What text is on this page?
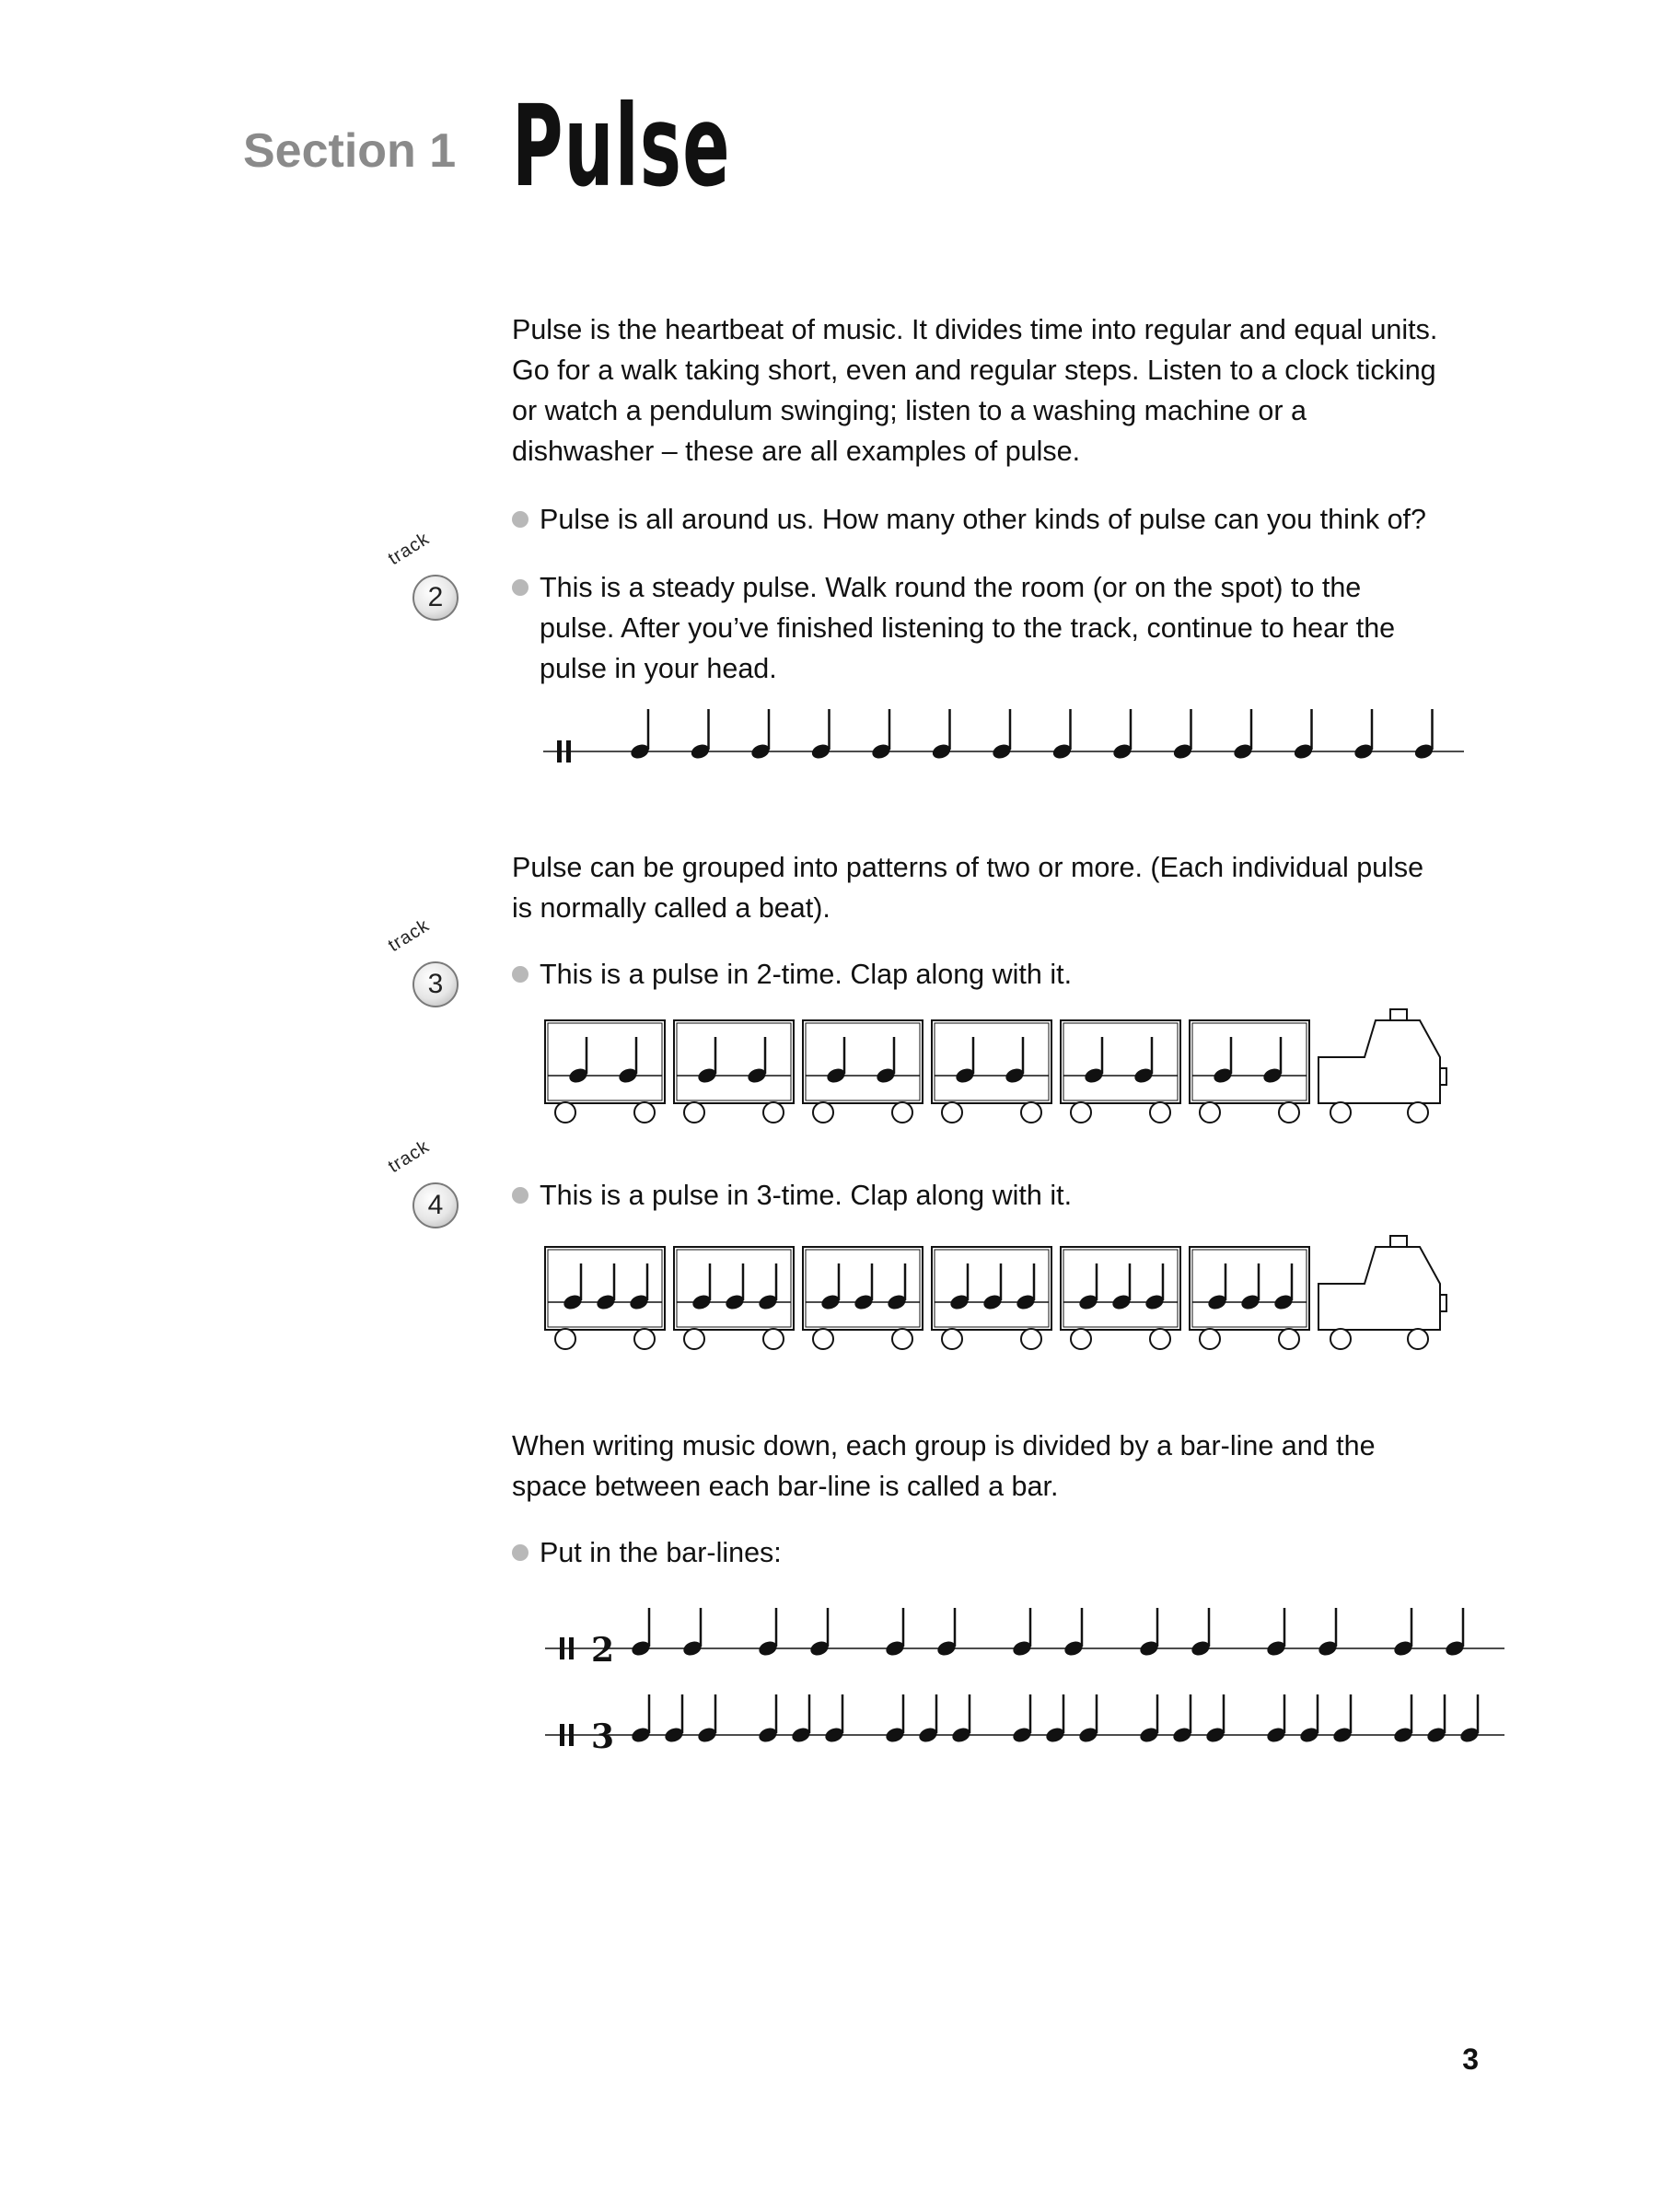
Section 1 Pulse
Pulse is the heartbeat of music. It divides time into regular and equal units. Go for a walk taking short, even and regular steps. Listen to a clock ticking or watch a pendulum swinging; listen to a washing machine or a dishwasher – these are all examples of pulse.
Pulse is all around us. How many other kinds of pulse can you think of?
track
2	This is a steady pulse. Walk round the room (or on the spot) to the pulse. After you’ve finished listening to the track, continue to hear the pulse in your head.
2
3
Pulse can be grouped into patterns of two or more. (Each individual pulse is normally called a beat).
track
3	This is a pulse in 2-time. Clap along with it.
track
4	This is a pulse in 3-time. Clap along with it.
When writing music down, each group is divided by a bar-line and the space between each bar-line is called a bar.
Put in the bar-lines:
3
